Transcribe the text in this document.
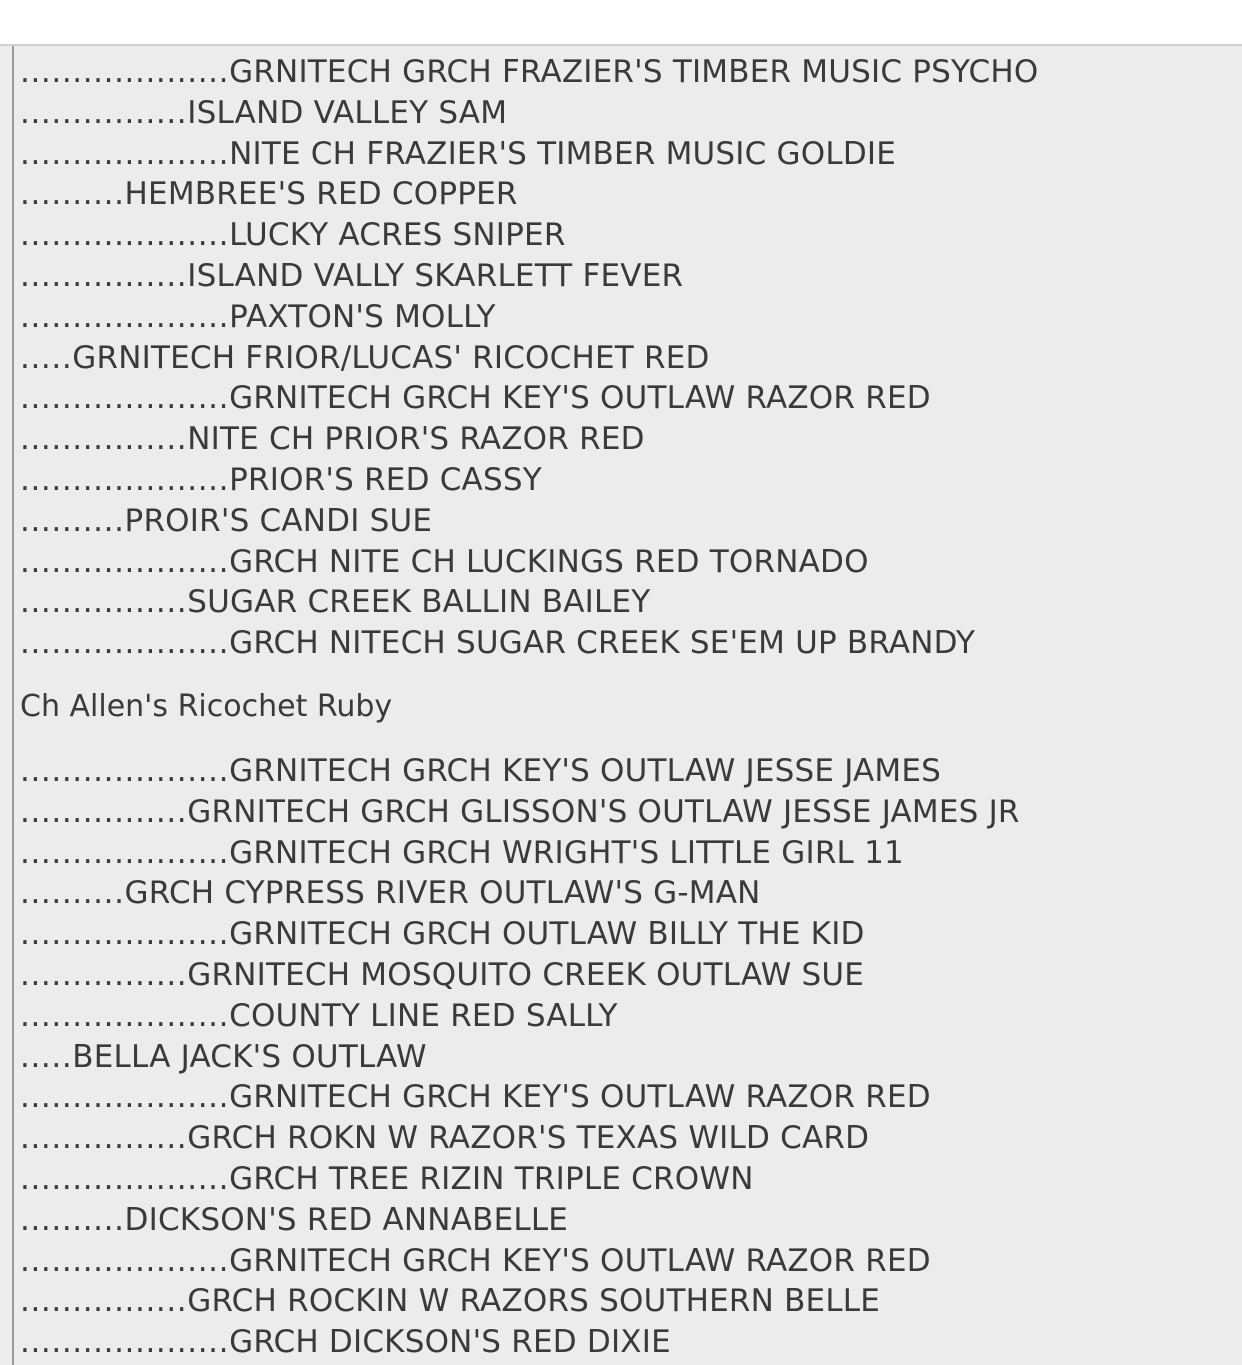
....................GRNITECH GRCH FRAZIER'S TIMBER MUSIC PSYCHO
................ISLAND VALLEY SAM
....................NITE CH FRAZIER'S TIMBER MUSIC GOLDIE
..........HEMBREE'S RED COPPER
....................LUCKY ACRES SNIPER
................ISLAND VALLY SKARLETT FEVER
....................PAXTON'S MOLLY
.....GRNITECH FRIOR/LUCAS' RICOCHET RED
....................GRNITECH GRCH KEY'S OUTLAW RAZOR RED
................NITE CH PRIOR'S RAZOR RED
....................PRIOR'S RED CASSY
..........PROIR'S CANDI SUE
....................GRCH NITE CH LUCKINGS RED TORNADO
................SUGAR CREEK BALLIN BAILEY
....................GRCH NITECH SUGAR CREEK SE'EM UP BRANDY
Ch Allen's Ricochet Ruby
....................GRNITECH GRCH KEY'S OUTLAW JESSE JAMES
................GRNITECH GRCH GLISSON'S OUTLAW JESSE JAMES JR
....................GRNITECH GRCH WRIGHT'S LITTLE GIRL 11
..........GRCH CYPRESS RIVER OUTLAW'S G-MAN
....................GRNITECH GRCH OUTLAW BILLY THE KID
................GRNITECH MOSQUITO CREEK OUTLAW SUE
....................COUNTY LINE RED SALLY
.....BELLA JACK'S OUTLAW
....................GRNITECH GRCH KEY'S OUTLAW RAZOR RED
................GRCH ROKN W RAZOR'S TEXAS WILD CARD
....................GRCH TREE RIZIN TRIPLE CROWN
..........DICKSON'S RED ANNABELLE
....................GRNITECH GRCH KEY'S OUTLAW RAZOR RED
................GRCH ROCKIN W RAZORS SOUTHERN BELLE
....................GRCH DICKSON'S RED DIXIE
